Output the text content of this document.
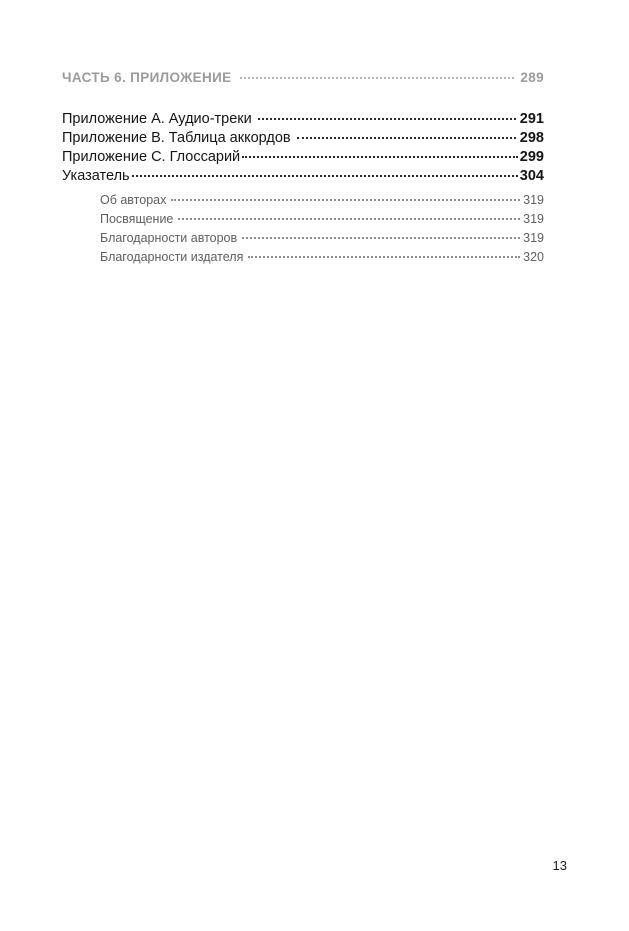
ЧАСТЬ 6. ПРИЛОЖЕНИЕ	289
Приложение A. Аудио-треки	291
Приложение B. Таблица аккордов	298
Приложение C. Глоссарий	299
Указатель	304
Об авторах	319
Посвящение	319
Благодарности авторов	319
Благодарности издателя	320
13
